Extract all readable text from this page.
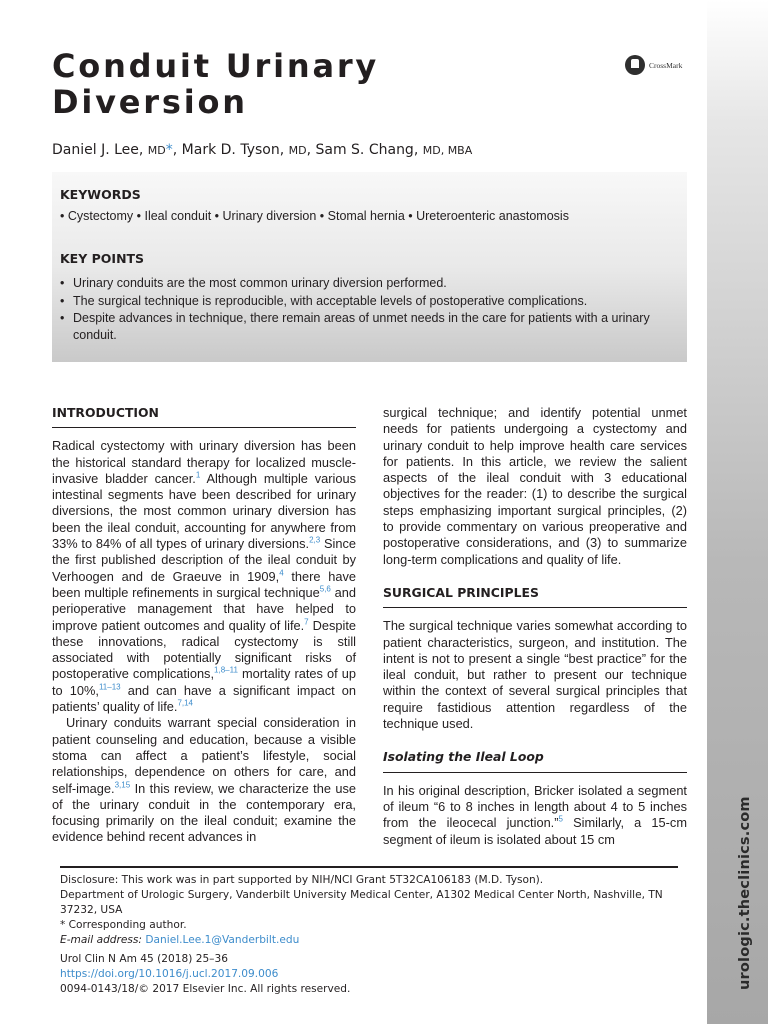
urologic.theclinics.com
Conduit Urinary Diversion
CrossMark
Daniel J. Lee, MD*, Mark D. Tyson, MD, Sam S. Chang, MD, MBA
KEYWORDS
• Cystectomy • Ileal conduit • Urinary diversion • Stomal hernia • Ureteroenteric anastomosis
KEY POINTS
• Urinary conduits are the most common urinary diversion performed.
• The surgical technique is reproducible, with acceptable levels of postoperative complications.
• Despite advances in technique, there remain areas of unmet needs in the care for patients with a urinary conduit.
INTRODUCTION

Radical cystectomy with urinary diversion has been the historical standard therapy for localized muscle-invasive bladder cancer.$^1$ Although multiple various intestinal segments have been described for urinary diversions, the most common urinary diversion has been the ileal conduit, accounting for anywhere from 33% to 84% of all types of urinary diversions.$^{2,3}$ Since the first published description of the ileal conduit by Verhoogen and de Graeuve in 1909,$^4$ there have been multiple refinements in surgical technique$^{5,6}$ and perioperative management that have helped to improve patient outcomes and quality of life.$^7$ Despite these innovations, radical cystectomy is still associated with potentially significant risks of postoperative complications,$^{1,8-11}$ mortality rates of up to 10%,$^{11-13}$ and can have a significant impact on patients’ quality of life.$^{7,14}$

Urinary conduits warrant special consideration in patient counseling and education, because a visible stoma can affect a patient’s lifestyle, social relationships, dependence on others for care, and self-image.$^{3,15}$ In this review, we characterize the use of the urinary conduit in the contemporary era, focusing primarily on the ileal conduit; examine the evidence behind recent advances in

surgical technique; and identify potential unmet needs for patients undergoing a cystectomy and urinary conduit to help improve health care services for patients. In this article, we review the salient aspects of the ileal conduit with 3 educational objectives for the reader: (1) to describe the surgical steps emphasizing important surgical principles, (2) to provide commentary on various preoperative and postoperative considerations, and (3) to summarize long-term complications and quality of life.

SURGICAL PRINCIPLES

The surgical technique varies somewhat according to patient characteristics, surgeon, and institution. The intent is not to present a single “best practice” for the ileal conduit, but rather to present our technique within the context of several surgical principles that require fastidious attention regardless of the technique used.

Isolating the Ileal Loop

In his original description, Bricker isolated a segment of ileum “6 to 8 inches in length about 4 to 5 inches from the ileocecal junction.”$^5$ Similarly, a 15-cm segment of ileum is isolated about 15 cm

Disclosure: This work was in part supported by NIH/NCI Grant 5T32CA106183 (M.D. Tyson).
Department of Urologic Surgery, Vanderbilt University Medical Center, A1302 Medical Center North, Nashville, TN 37232, USA
* Corresponding author.
E-mail address: Daniel.Lee.1@Vanderbilt.edu
Urol Clin N Am 45 (2018) 25–36
https://doi.org/10.1016/j.ucl.2017.09.006
0094-0143/18/© 2017 Elsevier Inc. All rights reserved.
